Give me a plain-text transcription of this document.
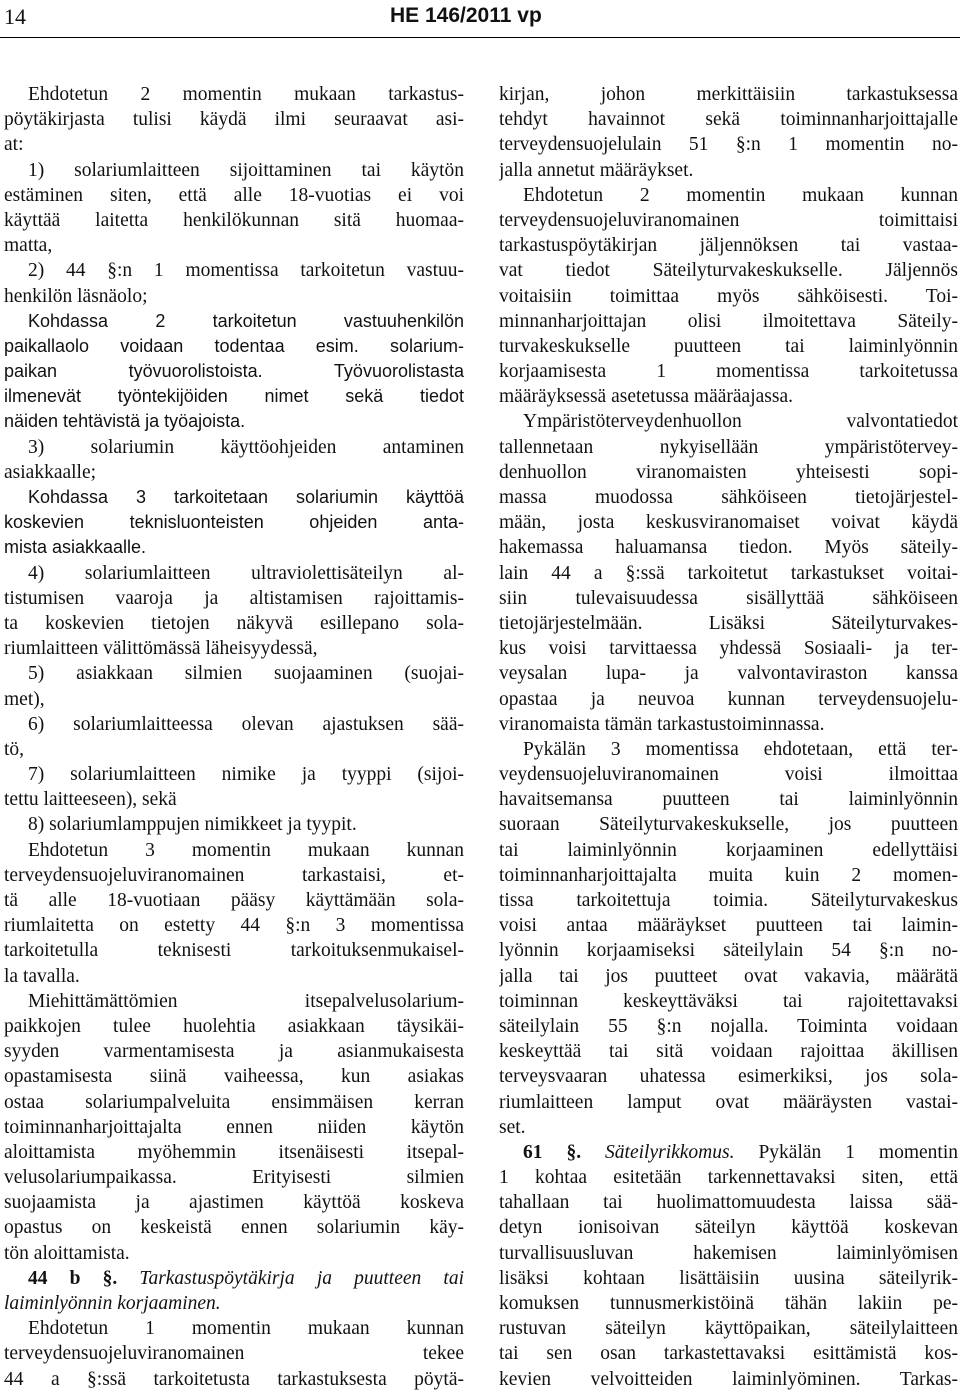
14	HE 146/2011 vp
Ehdotetun 2 momentin mukaan tarkastus-
pöytäkirjasta tulisi käydä ilmi seuraavat asi-
at:
1) solariumlaitteen sijoittaminen tai käytön
estäminen siten, että alle 18-vuotias ei voi
käyttää laitetta henkilökunnan sitä huomaa-
matta,
2) 44 §:n 1 momentissa tarkoitetun vastuu-
henkilön läsnäolo;
Kohdassa 2 tarkoitetun vastuuhenkilön
paikallaolo voidaan todentaa esim. solarium-
paikan työvuorolistoista. Työvuorolistasta
ilmenevät työntekijöiden nimet sekä tiedot
näiden tehtävistä ja työajoista.
3) solariumin käyttöohjeiden antaminen
asiakkaalle;
Kohdassa 3 tarkoitetaan solariumin käyttöä
koskevien teknisluonteisten ohjeiden anta-
mista asiakkaalle.
4) solariumlaitteen ultraviolettisäteilyn al-
tistumisen vaaroja ja altistamisen rajoittamis-
ta koskevien tietojen näkyvä esillepano sola-
riumlaitteen välittömässä läheisyydessä,
5) asiakkaan silmien suojaaminen (suojai-
met),
6) solariumlaitteessa olevan ajastuksen sää-
tö,
7) solariumlaitteen nimike ja tyyppi (sijoi-
tettu laitteeseen), sekä
8) solariumlamppujen nimikkeet ja tyypit.
Ehdotetun 3 momentin mukaan kunnan
terveydensuojeluviranomainen tarkastaisi, et-
tä alle 18-vuotiaan pääsy käyttämään sola-
riumlaitetta on estetty 44 §:n 3 momentissa
tarkoitetulla teknisesti tarkoituksenmukaisel-
la tavalla.
Miehittämättömien itsepalvelusolarium-
paikkojen tulee huolehtia asiakkaan täysikäi-
syyden varmentamisesta ja asianmukaisesta
opastamisesta siinä vaiheessa, kun asiakas
ostaa solariumpalveluita ensimmäisen kerran
toiminnanharjoittajalta ennen niiden käytön
aloittamista myöhemmin itsenäisesti itsepal-
velusolariumpaikassa. Erityisesti silmien
suojaamista ja ajastimen käyttöä koskeva
opastus on keskeistä ennen solariumin käy-
tön aloittamista.
44 b §. Tarkastuspöytäkirja ja puutteen tai
laiminlyönnin korjaaminen.
Ehdotetun 1 momentin mukaan kunnan
terveydensuojeluviranomainen tekee
44 a §:ssä tarkoitetusta tarkastuksesta pöytä-
kirjan, johon merkittäisiin tarkastuksessa
tehdyt havainnot sekä toiminnanharjoittajalle
terveydensuojelulain 51 §:n 1 momentin no-
jalla annetut määräykset.
Ehdotetun 2 momentin mukaan kunnan
terveydensuojeluviranomainen toimittaisi
tarkastuspöytäkirjan jäljennöksen tai vastaa-
vat tiedot Säteilyturvakeskukselle. Jäljennös
voitaisiin toimittaa myös sähköisesti. Toi-
minnanharjoittajan olisi ilmoitettava Säteily-
turvakeskukselle puutteen tai laiminlyönnin
korjaamisesta 1 momentissa tarkoitetussa
määräyksessä asetetussa määräajassa.
Ympäristöterveydenhuollon valvontatiedot
tallennetaan nykyisellään ympäristötervey-
denhuollon viranomaisten yhteisesti sopi-
massa muodossa sähköiseen tietojärjestel-
mään, josta keskusviranomaiset voivat käydä
hakemassa haluamansa tiedon. Myös säteily-
lain 44 a §:ssä tarkoitetut tarkastukset voitai-
siin tulevaisuudessa sisällyttää sähköiseen
tietojärjestelmään. Lisäksi Säteilyturvakes-
kus voisi tarvittaessa yhdessä Sosiaali- ja ter-
veysalan lupa- ja valvontaviraston kanssa
opastaa ja neuvoa kunnan terveydensuojelu-
viranomaista tämän tarkastustoiminnassa.
Pykälän 3 momentissa ehdotetaan, että ter-
veydensuojeluviranomainen voisi ilmoittaa
havaitsemansa puutteen tai laiminlyönnin
suoraan Säteilyturvakeskukselle, jos puutteen
tai laiminlyönnin korjaaminen edellyttäisi
toiminnanharjoittajalta muita kuin 2 momen-
tissa tarkoitettuja toimia. Säteilyturvakeskus
voisi antaa määräykset puutteen tai laimin-
lyönnin korjaamiseksi säteilylain 54 §:n no-
jalla tai jos puutteet ovat vakavia, määrätä
toiminnan keskeyttäväksi tai rajoitettavaksi
säteilylain 55 §:n nojalla. Toiminta voidaan
keskeyttää tai sitä voidaan rajoittaa äkillisen
terveysvaaran uhatessa esimerkiksi, jos sola-
riumlaitteen lamput ovat määräysten vastai-
set.
61 §. Säteilyrikkomus. Pykälän 1 momentin
1 kohtaa esitetään tarkennettavaksi siten, että
tahallaan tai huolimattomuudesta laissa sää-
detyn ionisoivan säteilyn käyttöä koskevan
turvallisuusluvan hakemisen laiminlyömisen
lisäksi kohtaan lisättäisiin uusina säteilyrik-
komuksen tunnusmerkistöinä tähän lakiin pe-
rustuvan säteilyn käyttöpaikan, säteilylaitteen
tai sen osan tarkastettavaksi esittämistä kos-
kevien velvoitteiden laiminlyöminen. Tarkas-
